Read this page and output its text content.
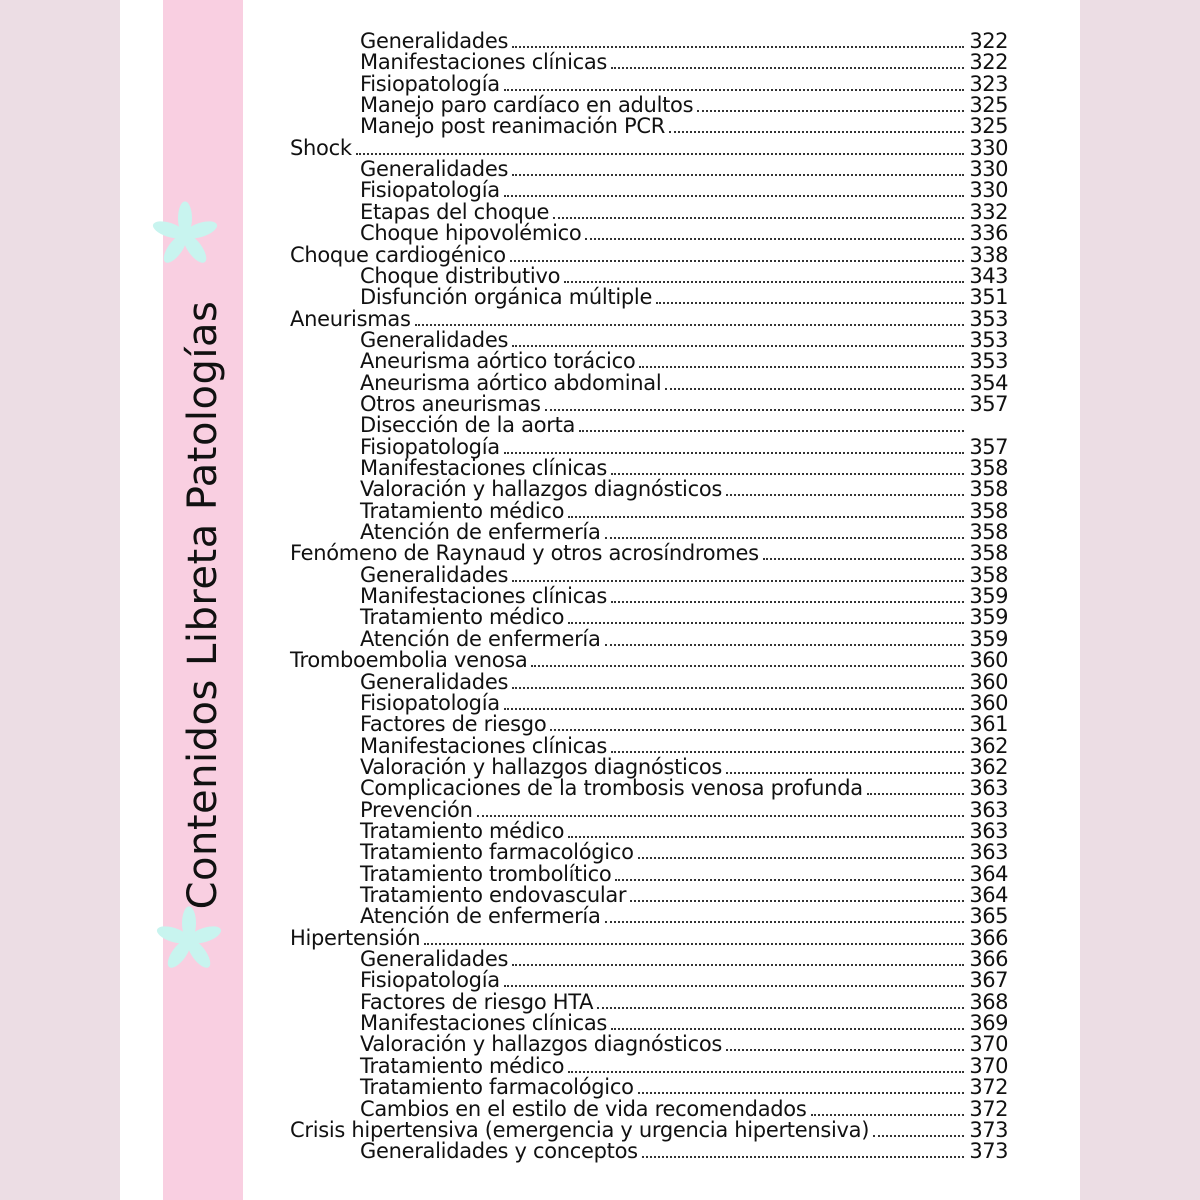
Contenidos Libreta Patologías
Generalidades	322
Manifestaciones clínicas	322
Fisiopatología	323
Manejo paro cardíaco en adultos	325
Manejo post reanimación PCR	325
Shock	330
Generalidades	330
Fisiopatología	330
Etapas del choque	332
Choque hipovolémico	336
Choque cardiogénico	338
Choque distributivo	343
Disfunción orgánica múltiple	351
Aneurismas	353
Generalidades	353
Aneurisma aórtico torácico	353
Aneurisma aórtico abdominal	354
Otros aneurismas	357
Disección de la aorta
Fisiopatología	357
Manifestaciones clínicas	358
Valoración y hallazgos diagnósticos	358
Tratamiento médico	358
Atención de enfermería	358
Fenómeno de Raynaud y otros acrosíndromes	358
Generalidades	358
Manifestaciones clínicas	359
Tratamiento médico	359
Atención de enfermería	359
Tromboembolia venosa	360
Generalidades	360
Fisiopatología	360
Factores de riesgo	361
Manifestaciones clínicas	362
Valoración y hallazgos diagnósticos	362
Complicaciones de la trombosis venosa profunda	363
Prevención	363
Tratamiento médico	363
Tratamiento farmacológico	363
Tratamiento trombolítico	364
Tratamiento endovascular	364
Atención de enfermería	365
Hipertensión	366
Generalidades	366
Fisiopatología	367
Factores de riesgo HTA	368
Manifestaciones clínicas	369
Valoración y hallazgos diagnósticos	370
Tratamiento médico	370
Tratamiento farmacológico	372
Cambios en el estilo de vida recomendados	372
Crisis hipertensiva (emergencia y urgencia hipertensiva)	373
Generalidades y conceptos	373
